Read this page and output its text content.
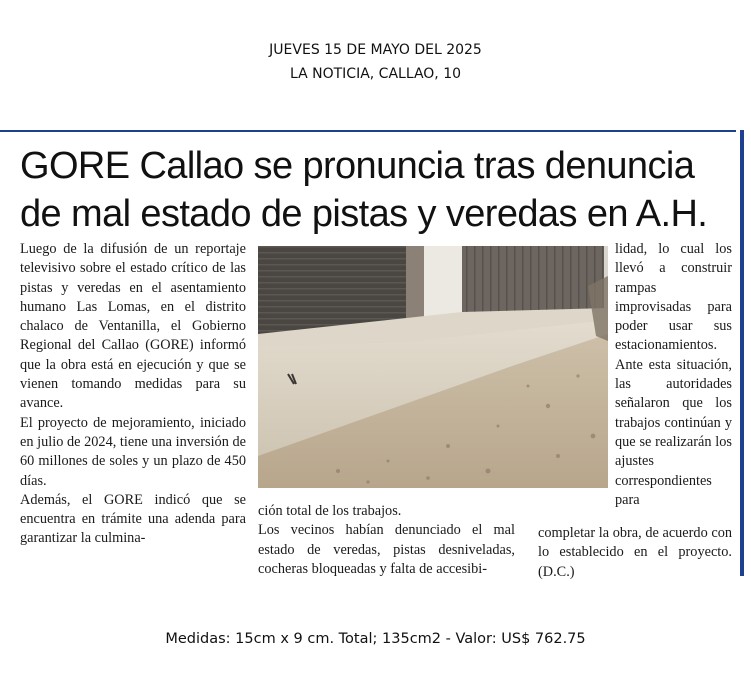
JUEVES 15 DE MAYO DEL 2025
LA NOTICIA, CALLAO, 10
GORE Callao se pronuncia tras denuncia
de mal estado de pistas y veredas en A.H.

Luego de la difusión de un reportaje televisivo sobre el estado crítico de las pistas y veredas en el asentamiento humano Las Lomas, en el distrito chalaco de Ventanilla, el Gobierno Regional del Callao (GORE) informó que la obra está en ejecución y que se vienen tomando medidas para su avance.

El proyecto de mejoramiento, iniciado en julio de 2024, tiene una inversión de 60 millones de soles y un plazo de 450 días.

Además, el GORE indicó que se encuentra en trámite una adenda para garantizar la culmina-

ción total de los trabajos.

Los vecinos habían denunciado el mal estado de veredas, pistas desniveladas, cocheras bloqueadas y falta de accesibi-

lidad, lo cual los llevó a construir rampas improvisadas para poder usar sus estacionamientos.

Ante esta situación, las autoridades señalaron que los trabajos continúan y que se realizarán los ajustes correspondientes para

completar la obra, de acuerdo con lo establecido en el proyecto. (D.C.)

Medidas: 15cm x 9 cm. Total; 135cm2 - Valor: US$ 762.75
